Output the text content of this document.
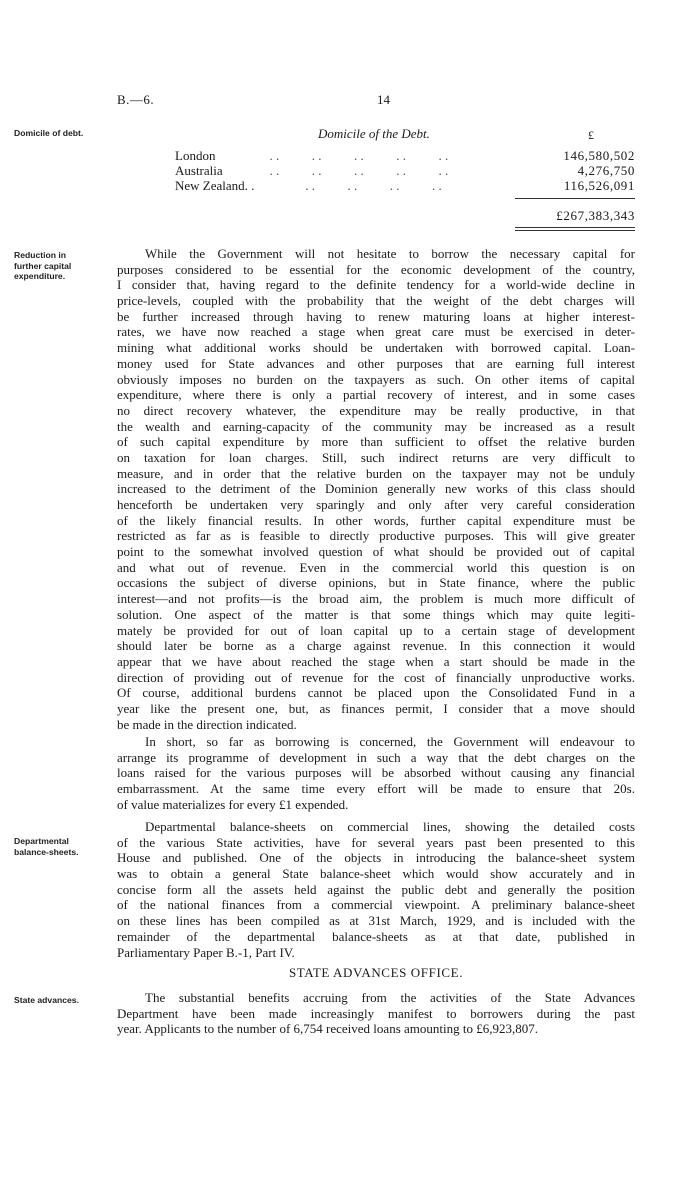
B.—6.	14
Domicile of debt.	Domicile of the Debt.	£
London	. .          . .          . .          . .          . .	146,580,502
Australia	. .          . .          . .          . .          . .	4,276,750
New Zealand. . . .          . .          . .          . .	116,526,091
£267,383,343
Reduction in
further capital
expenditure.
While the Government will not hesitate to borrow the necessary capital for
purposes considered to be essential for the economic development of the country,
I consider that, having regard to the definite tendency for a world-wide decline in
price-levels, coupled with the probability that the weight of the debt charges will
be further increased through having to renew maturing loans at higher interest-
rates, we have now reached a stage when great care must be exercised in deter-
mining what additional works should be undertaken with borrowed capital. Loan-
money used for State advances and other purposes that are earning full interest
obviously imposes no burden on the taxpayers as such. On other items of capital
expenditure, where there is only a partial recovery of interest, and in some cases
no direct recovery whatever, the expenditure may be really productive, in that
the wealth and earning-capacity of the community may be increased as a result
of such capital expenditure by more than sufficient to offset the relative burden
on taxation for loan charges. Still, such indirect returns are very difficult to
measure, and in order that the relative burden on the taxpayer may not be unduly
increased to the detriment of the Dominion generally new works of this class should
henceforth be undertaken very sparingly and only after very careful consideration
of the likely financial results. In other words, further capital expenditure must be
restricted as far as is feasible to directly productive purposes. This will give greater
point to the somewhat involved question of what should be provided out of capital
and what out of revenue. Even in the commercial world this question is on
occasions the subject of diverse opinions, but in State finance, where the public
interest—and not profits—is the broad aim, the problem is much more difficult of
solution. One aspect of the matter is that some things which may quite legiti-
mately be provided for out of loan capital up to a certain stage of development
should later be borne as a charge against revenue. In this connection it would
appear that we have about reached the stage when a start should be made in the
direction of providing out of revenue for the cost of financially unproductive works.
Of course, additional burdens cannot be placed upon the Consolidated Fund in a
year like the present one, but, as finances permit, I consider that a move should
be made in the direction indicated.
In short, so far as borrowing is concerned, the Government will endeavour to
arrange its programme of development in such a way that the debt charges on the
loans raised for the various purposes will be absorbed without causing any financial
embarrassment. At the same time every effort will be made to ensure that 20s.
of value materializes for every £1 expended.
Departmental
balance-sheets.
Departmental balance-sheets on commercial lines, showing the detailed costs
of the various State activities, have for several years past been presented to this
House and published. One of the objects in introducing the balance-sheet system
was to obtain a general State balance-sheet which would show accurately and in
concise form all the assets held against the public debt and generally the position
of the national finances from a commercial viewpoint. A preliminary balance-sheet
on these lines has been compiled as at 31st March, 1929, and is included with the
remainder of the departmental balance-sheets as at that date, published in
Parliamentary Paper B.-1, Part IV.
STATE ADVANCES OFFICE.
State advances.	The substantial benefits accruing from the activities of the State Advances
Department have been made increasingly manifest to borrowers during the past
year. Applicants to the number of 6,754 received loans amounting to £6,923,807.
